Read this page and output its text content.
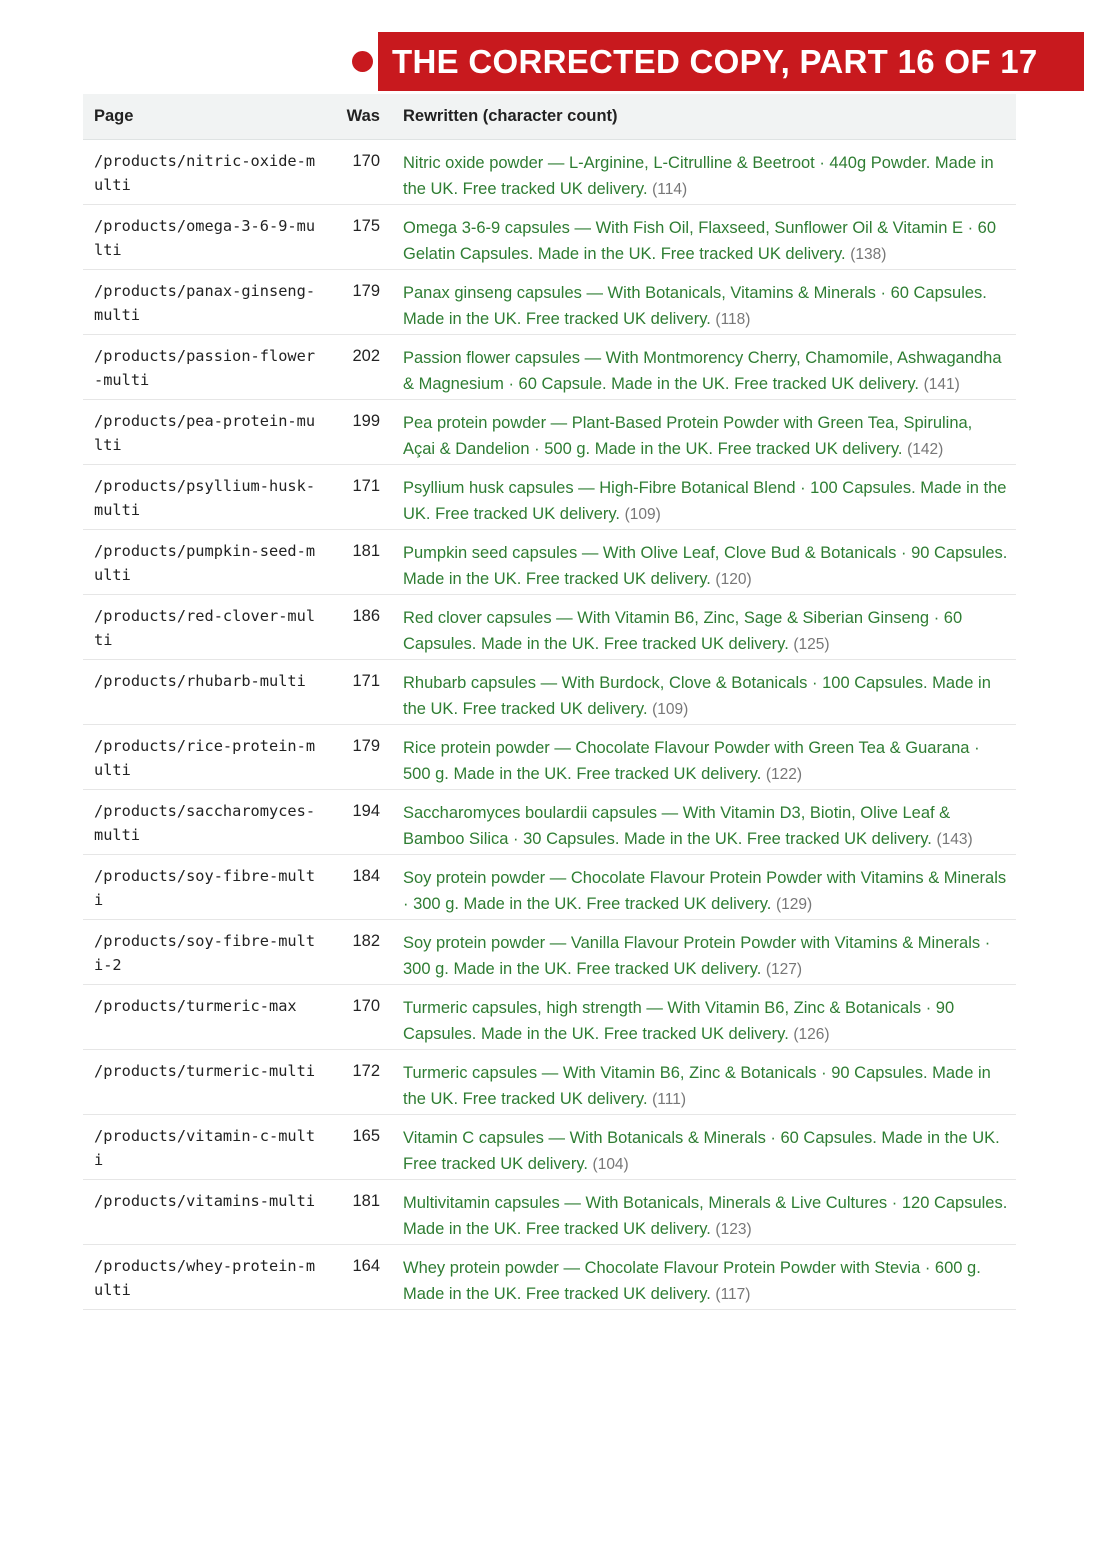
THE CORRECTED COPY, PART 16 OF 17
Page	Was	Rewritten (character count)
/products/nitric-oxide-multi	170	Nitric oxide powder — L-Arginine, L-Citrulline & Beetroot · 440g Powder. Made in the UK. Free tracked UK delivery. (114)
/products/omega-3-6-9-multi	175	Omega 3-6-9 capsules — With Fish Oil, Flaxseed, Sunflower Oil & Vitamin E · 60 Gelatin Capsules. Made in the UK. Free tracked UK delivery. (138)
/products/panax-ginseng-multi	179	Panax ginseng capsules — With Botanicals, Vitamins & Minerals · 60 Capsules. Made in the UK. Free tracked UK delivery. (118)
/products/passion-flower-multi	202	Passion flower capsules — With Montmorency Cherry, Chamomile, Ashwagandha & Magnesium · 60 Capsule. Made in the UK. Free tracked UK delivery. (141)
/products/pea-protein-multi	199	Pea protein powder — Plant-Based Protein Powder with Green Tea, Spirulina, Açai & Dandelion · 500 g. Made in the UK. Free tracked UK delivery. (142)
/products/psyllium-husk-multi	171	Psyllium husk capsules — High-Fibre Botanical Blend · 100 Capsules. Made in the UK. Free tracked UK delivery. (109)
/products/pumpkin-seed-multi	181	Pumpkin seed capsules — With Olive Leaf, Clove Bud & Botanicals · 90 Capsules. Made in the UK. Free tracked UK delivery. (120)
/products/red-clover-multi	186	Red clover capsules — With Vitamin B6, Zinc, Sage & Siberian Ginseng · 60 Capsules. Made in the UK. Free tracked UK delivery. (125)
/products/rhubarb-multi	171	Rhubarb capsules — With Burdock, Clove & Botanicals · 100 Capsules. Made in the UK. Free tracked UK delivery. (109)
/products/rice-protein-multi	179	Rice protein powder — Chocolate Flavour Powder with Green Tea & Guarana · 500 g. Made in the UK. Free tracked UK delivery. (122)
/products/saccharomyces-multi	194	Saccharomyces boulardii capsules — With Vitamin D3, Biotin, Olive Leaf & Bamboo Silica · 30 Capsules. Made in the UK. Free tracked UK delivery. (143)
/products/soy-fibre-multi	184	Soy protein powder — Chocolate Flavour Protein Powder with Vitamins & Minerals · 300 g. Made in the UK. Free tracked UK delivery. (129)
/products/soy-fibre-multi-2	182	Soy protein powder — Vanilla Flavour Protein Powder with Vitamins & Minerals · 300 g. Made in the UK. Free tracked UK delivery. (127)
/products/turmeric-max	170	Turmeric capsules, high strength — With Vitamin B6, Zinc & Botanicals · 90 Capsules. Made in the UK. Free tracked UK delivery. (126)
/products/turmeric-multi	172	Turmeric capsules — With Vitamin B6, Zinc & Botanicals · 90 Capsules. Made in the UK. Free tracked UK delivery. (111)
/products/vitamin-c-multi	165	Vitamin C capsules — With Botanicals & Minerals · 60 Capsules. Made in the UK. Free tracked UK delivery. (104)
/products/vitamins-multi	181	Multivitamin capsules — With Botanicals, Minerals & Live Cultures · 120 Capsules. Made in the UK. Free tracked UK delivery. (123)
/products/whey-protein-multi	164	Whey protein powder — Chocolate Flavour Protein Powder with Stevia · 600 g. Made in the UK. Free tracked UK delivery. (117)
